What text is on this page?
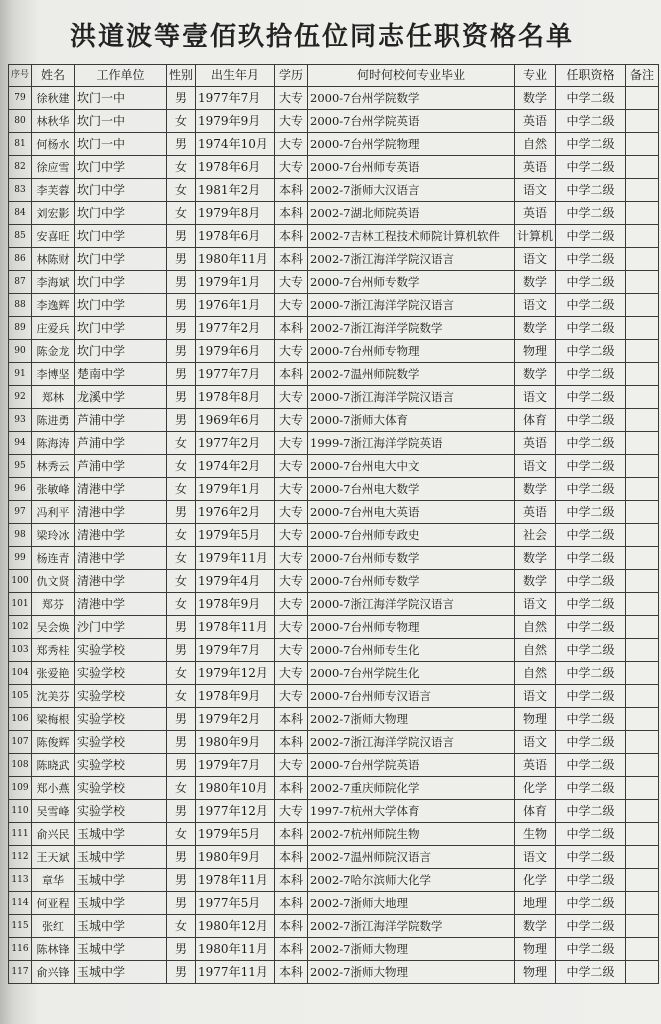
洪道波等壹佰玖拾伍位同志任职资格名单
序号	姓名	工作单位	性别	出生年月	学历	何时何校何专业毕业	专业	任职资格	备注
79	徐秋建	坎门一中	男	1977年7月	大专	2000-7台州学院数学	数学	中学二级	
80	林秋华	坎门一中	女	1979年9月	大专	2000-7台州学院英语	英语	中学二级	
81	何杨水	坎门一中	男	1974年10月	大专	2000-7台州学院物理	自然	中学二级	
82	徐应雪	坎门中学	女	1978年6月	大专	2000-7台州师专英语	英语	中学二级	
83	李芙蓉	坎门中学	女	1981年2月	本科	2002-7浙师大汉语言	语文	中学二级	
84	刘宏影	坎门中学	女	1979年8月	本科	2002-7湖北师院英语	英语	中学二级	
85	安喜旺	坎门中学	男	1978年6月	本科	2002-7吉林工程技术师院计算机软件	计算机	中学二级	
86	林陈财	坎门中学	男	1980年11月	本科	2002-7浙江海洋学院汉语言	语文	中学二级	
87	李海斌	坎门中学	男	1979年1月	大专	2000-7台州师专数学	数学	中学二级	
88	李逸辉	坎门中学	男	1976年1月	大专	2000-7浙江海洋学院汉语言	语文	中学二级	
89	庄爱兵	坎门中学	男	1977年2月	本科	2002-7浙江海洋学院数学	数学	中学二级	
90	陈金龙	坎门中学	男	1979年6月	大专	2000-7台州师专物理	物理	中学二级	
91	李博坚	楚南中学	男	1977年7月	本科	2002-7温州师院数学	数学	中学二级	
92	郑林	龙溪中学	男	1978年8月	大专	2000-7浙江海洋学院汉语言	语文	中学二级	
93	陈进勇	芦浦中学	男	1969年6月	大专	2000-7浙师大体育	体育	中学二级	
94	陈海涛	芦浦中学	女	1977年2月	大专	1999-7浙江海洋学院英语	英语	中学二级	
95	林秀云	芦浦中学	女	1974年2月	大专	2000-7台州电大中文	语文	中学二级	
96	张敏峰	清港中学	女	1979年1月	大专	2000-7台州电大数学	数学	中学二级	
97	冯利平	清港中学	男	1976年2月	大专	2000-7台州电大英语	英语	中学二级	
98	梁玲冰	清港中学	女	1979年5月	大专	2000-7台州师专政史	社会	中学二级	
99	杨连青	清港中学	女	1979年11月	大专	2000-7台州师专数学	数学	中学二级	
100	仇文贤	清港中学	女	1979年4月	大专	2000-7台州师专数学	数学	中学二级	
101	郑芬	清港中学	女	1978年9月	大专	2000-7浙江海洋学院汉语言	语文	中学二级	
102	吴会焕	沙门中学	男	1978年11月	大专	2000-7台州师专物理	自然	中学二级	
103	郑秀桂	实验学校	男	1979年7月	大专	2000-7台州师专生化	自然	中学二级	
104	张爱艳	实验学校	女	1979年12月	大专	2000-7台州学院生化	自然	中学二级	
105	沈美芬	实验学校	女	1978年9月	大专	2000-7台州师专汉语言	语文	中学二级	
106	梁梅根	实验学校	男	1979年2月	本科	2002-7浙师大物理	物理	中学二级	
107	陈俊辉	实验学校	男	1980年9月	本科	2002-7浙江海洋学院汉语言	语文	中学二级	
108	陈晓武	实验学校	男	1979年7月	大专	2000-7台州学院英语	英语	中学二级	
109	郑小燕	实验学校	女	1980年10月	本科	2002-7重庆师院化学	化学	中学二级	
110	吴雪峰	实验学校	男	1977年12月	大专	1997-7杭州大学体育	体育	中学二级	
111	俞兴民	玉城中学	女	1979年5月	本科	2002-7杭州师院生物	生物	中学二级	
112	王天斌	玉城中学	男	1980年9月	本科	2002-7温州师院汉语言	语文	中学二级	
113	章华	玉城中学	男	1978年11月	本科	2002-7哈尔滨师大化学	化学	中学二级	
114	何亚程	玉城中学	男	1977年5月	本科	2002-7浙师大地理	地理	中学二级	
115	张红	玉城中学	女	1980年12月	本科	2002-7浙江海洋学院数学	数学	中学二级	
116	陈林锋	玉城中学	男	1980年11月	本科	2002-7浙师大物理	物理	中学二级	
117	俞兴锋	玉城中学	男	1977年11月	本科	2002-7浙师大物理	物理	中学二级	
